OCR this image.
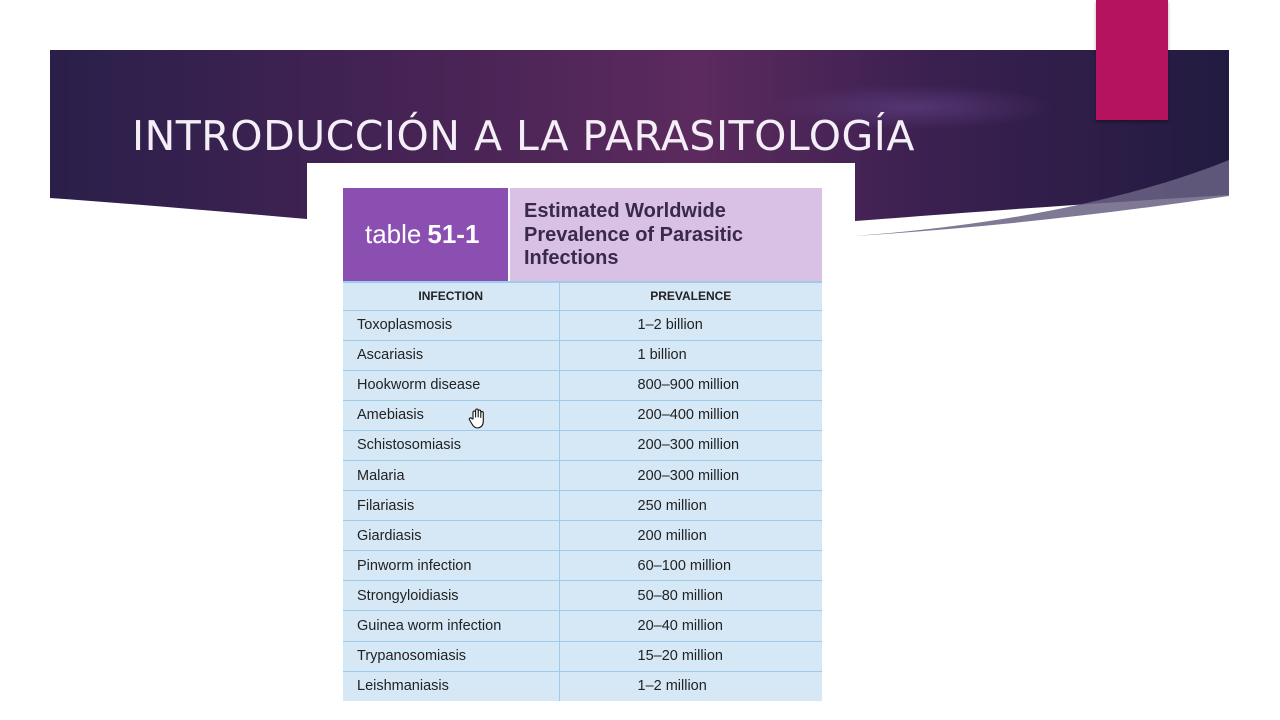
INTRODUCCIÓN A LA PARASITOLOGÍA
table 51-1
Estimated Worldwide
Prevalence of Parasitic
Infections
INFECTION	PREVALENCE
Toxoplasmosis	1–2 billion
Ascariasis	1 billion
Hookworm disease	800–900 million
Amebiasis	200–400 million
Schistosomiasis	200–300 million
Malaria	200–300 million
Filariasis	250 million
Giardiasis	200 million
Pinworm infection	60–100 million
Strongyloidiasis	50–80 million
Guinea worm infection	20–40 million
Trypanosomiasis	15–20 million
Leishmaniasis	1–2 million
